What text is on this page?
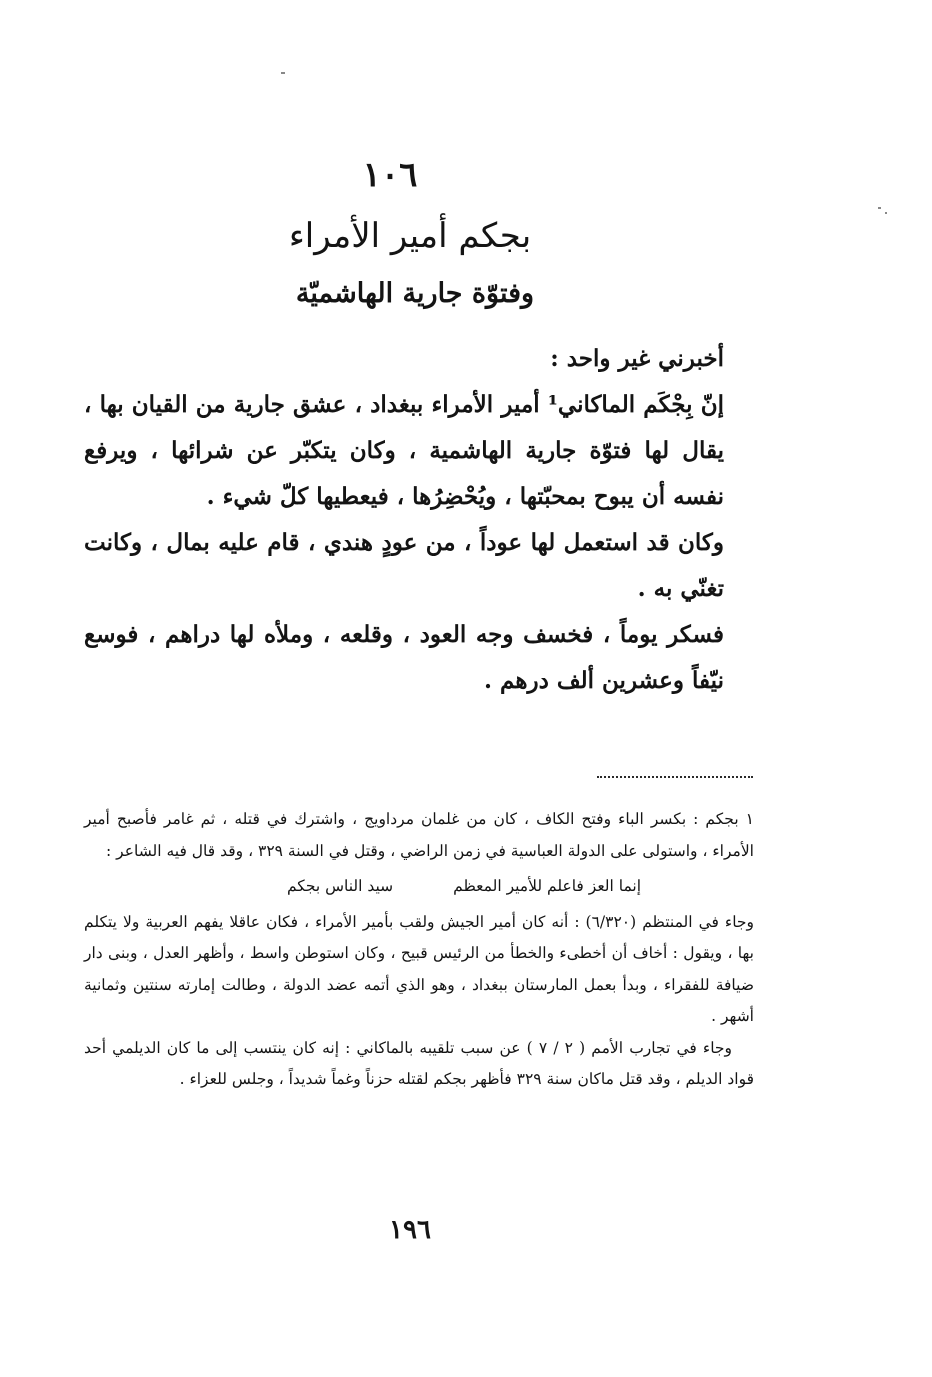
١٠٦
بجكم أمير الأمراء
وفتوّة جارية الهاشميّة

أخبرني غير واحد :

إنّ بِجْكَم الماكاني¹ أمير الأمراء ببغداد ، عشق جارية من القيان بها ، يقال لها فتوّة جارية الهاشمية ، وكان يتكبّر عن شرائها ، ويرفع نفسه أن يبوح بمحبّتها ، ويُحْضِرُها ، فيعطيها كلّ شيء .

وكان قد استعمل لها عوداً ، من عودٍ هندي ، قام عليه بمال ، وكانت تغنّي به .

فسكر يوماً ، فخسف وجه العود ، وقلعه ، وملأه لها دراهم ، فوسع نيّفاً وعشرين ألف درهم .

١ بجكم : بكسر الباء وفتح الكاف ، كان من غلمان مرداويج ، واشترك في قتله ، ثم غامر فأصبح أمير الأمراء ، واستولى على الدولة العباسية في زمن الراضي ، وقتل في السنة ٣٢٩ ، وقد قال فيه الشاعر :

إنما العز فاعلم للأمير المعظم
سيد الناس بجكم

وجاء في المنتظم (٦/٣٢٠) : أنه كان أمير الجيش ولقب بأمير الأمراء ، فكان عاقلا يفهم العربية ولا يتكلم بها ، ويقول : أخاف أن أخطىء والخطأ من الرئيس قبيح ، وكان استوطن واسط ، وأظهر العدل ، وبنى دار ضيافة للفقراء ، وبدأ بعمل المارستان ببغداد ، وهو الذي أتمه عضد الدولة ، وطالت إمارته سنتين وثمانية أشهر .

وجاء في تجارب الأمم ( ٢ / ٧ ) عن سبب تلقيبه بالماكاني : إنه كان ينتسب إلى ما كان الديلمي أحد قواد الديلم ، وقد قتل ماكان سنة ٣٢٩ فأظهر بجكم لقتله حزناً وغماً شديداً ، وجلس للعزاء .

١٩٦
